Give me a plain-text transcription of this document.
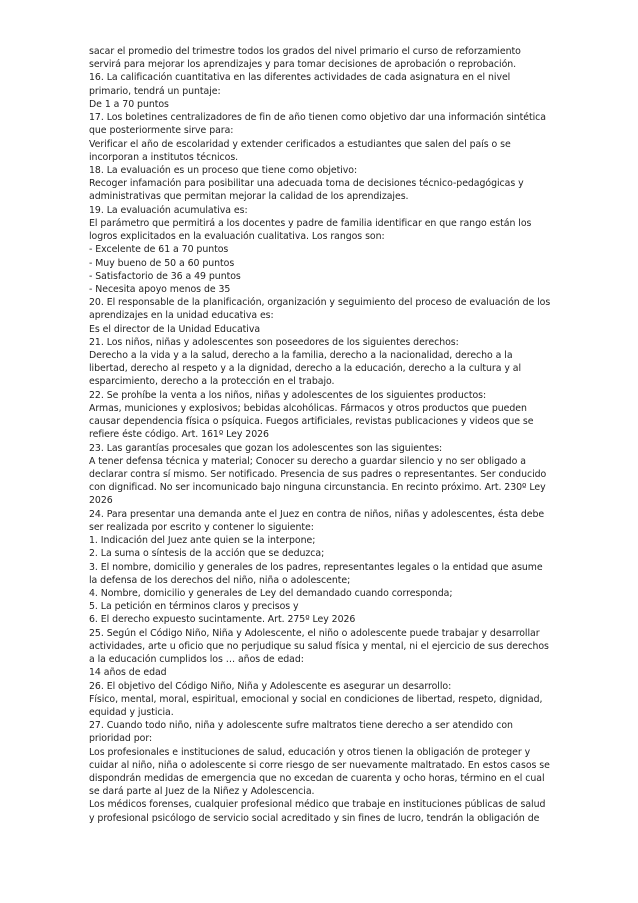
sacar el promedio del trimestre todos los grados del nivel primario el curso de reforzamiento
servirá para mejorar los aprendizajes y para tomar decisiones de aprobación o reprobación.
16. La calificación cuantitativa en las diferentes actividades de cada asignatura en el nivel
primario, tendrá un puntaje:
De 1 a 70 puntos
17. Los boletines centralizadores de fin de año tienen como objetivo dar una información sintética
que posteriormente sirve para:
Verificar el año de escolaridad y extender cerificados a estudiantes que salen del país o se
incorporan a institutos técnicos.
18. La evaluación es un proceso que tiene como objetivo:
Recoger infamación para posibilitar una adecuada toma de decisiones técnico-pedagógicas y
administrativas que permitan mejorar la calidad de los aprendizajes.
19. La evaluación acumulativa es:
El parámetro que permitirá a los docentes y padre de familia identificar en que rango están los
logros explicitados en la evaluación cualitativa. Los rangos son:
- Excelente de 61 a 70 puntos
- Muy bueno de 50 a 60 puntos
- Satisfactorio de 36 a 49 puntos
- Necesita apoyo menos de 35
20. El responsable de la planificación, organización y seguimiento del proceso de evaluación de los
aprendizajes en la unidad educativa es:
Es el director de la Unidad Educativa
21. Los niños, niñas y adolescentes son poseedores de los siguientes derechos:
Derecho a la vida y a la salud, derecho a la familia, derecho a la nacionalidad, derecho a la
libertad, derecho al respeto y a la dignidad, derecho a la educación, derecho a la cultura y al
esparcimiento, derecho a la protección en el trabajo.
22. Se prohíbe la venta a los niños, niñas y adolescentes de los siguientes productos:
Armas, municiones y explosivos; bebidas alcohólicas. Fármacos y otros productos que pueden
causar dependencia física o psíquica. Fuegos artificiales, revistas publicaciones y videos que se
refiere éste código. Art. 161º Ley 2026
23. Las garantías procesales que gozan los adolescentes son las siguientes:
A tener defensa técnica y material; Conocer su derecho a guardar silencio y no ser obligado a
declarar contra sí mismo. Ser notificado. Presencia de sus padres o representantes. Ser conducido
con dignificad. No ser incomunicado bajo ninguna circunstancia. En recinto próximo. Art. 230º Ley
2026
24. Para presentar una demanda ante el Juez en contra de niños, niñas y adolescentes, ésta debe
ser realizada por escrito y contener lo siguiente:
1. Indicación del Juez ante quien se la interpone;
2. La suma o síntesis de la acción que se deduzca;
3. El nombre, domicilio y generales de los padres, representantes legales o la entidad que asume
la defensa de los derechos del niño, niña o adolescente;
4. Nombre, domicilio y generales de Ley del demandado cuando corresponda;
5. La petición en términos claros y precisos y
6. El derecho expuesto sucintamente. Art. 275º Ley 2026
25. Según el Código Niño, Niña y Adolescente, el niño o adolescente puede trabajar y desarrollar
actividades, arte u oficio que no perjudique su salud física y mental, ni el ejercicio de sus derechos
a la educación cumplidos los … años de edad:
14 años de edad
26. El objetivo del Código Niño, Niña y Adolescente es asegurar un desarrollo:
Físico, mental, moral, espiritual, emocional y social en condiciones de libertad, respeto, dignidad,
equidad y justicia.
27. Cuando todo niño, niña y adolescente sufre maltratos tiene derecho a ser atendido con
prioridad por:
Los profesionales e instituciones de salud, educación y otros tienen la obligación de proteger y
cuidar al niño, niña o adolescente si corre riesgo de ser nuevamente maltratado. En estos casos se
dispondrán medidas de emergencia que no excedan de cuarenta y ocho horas, término en el cual
se dará parte al Juez de la Niñez y Adolescencia.
Los médicos forenses, cualquier profesional médico que trabaje en instituciones públicas de salud
y profesional psicólogo de servicio social acreditado y sin fines de lucro, tendrán la obligación de
